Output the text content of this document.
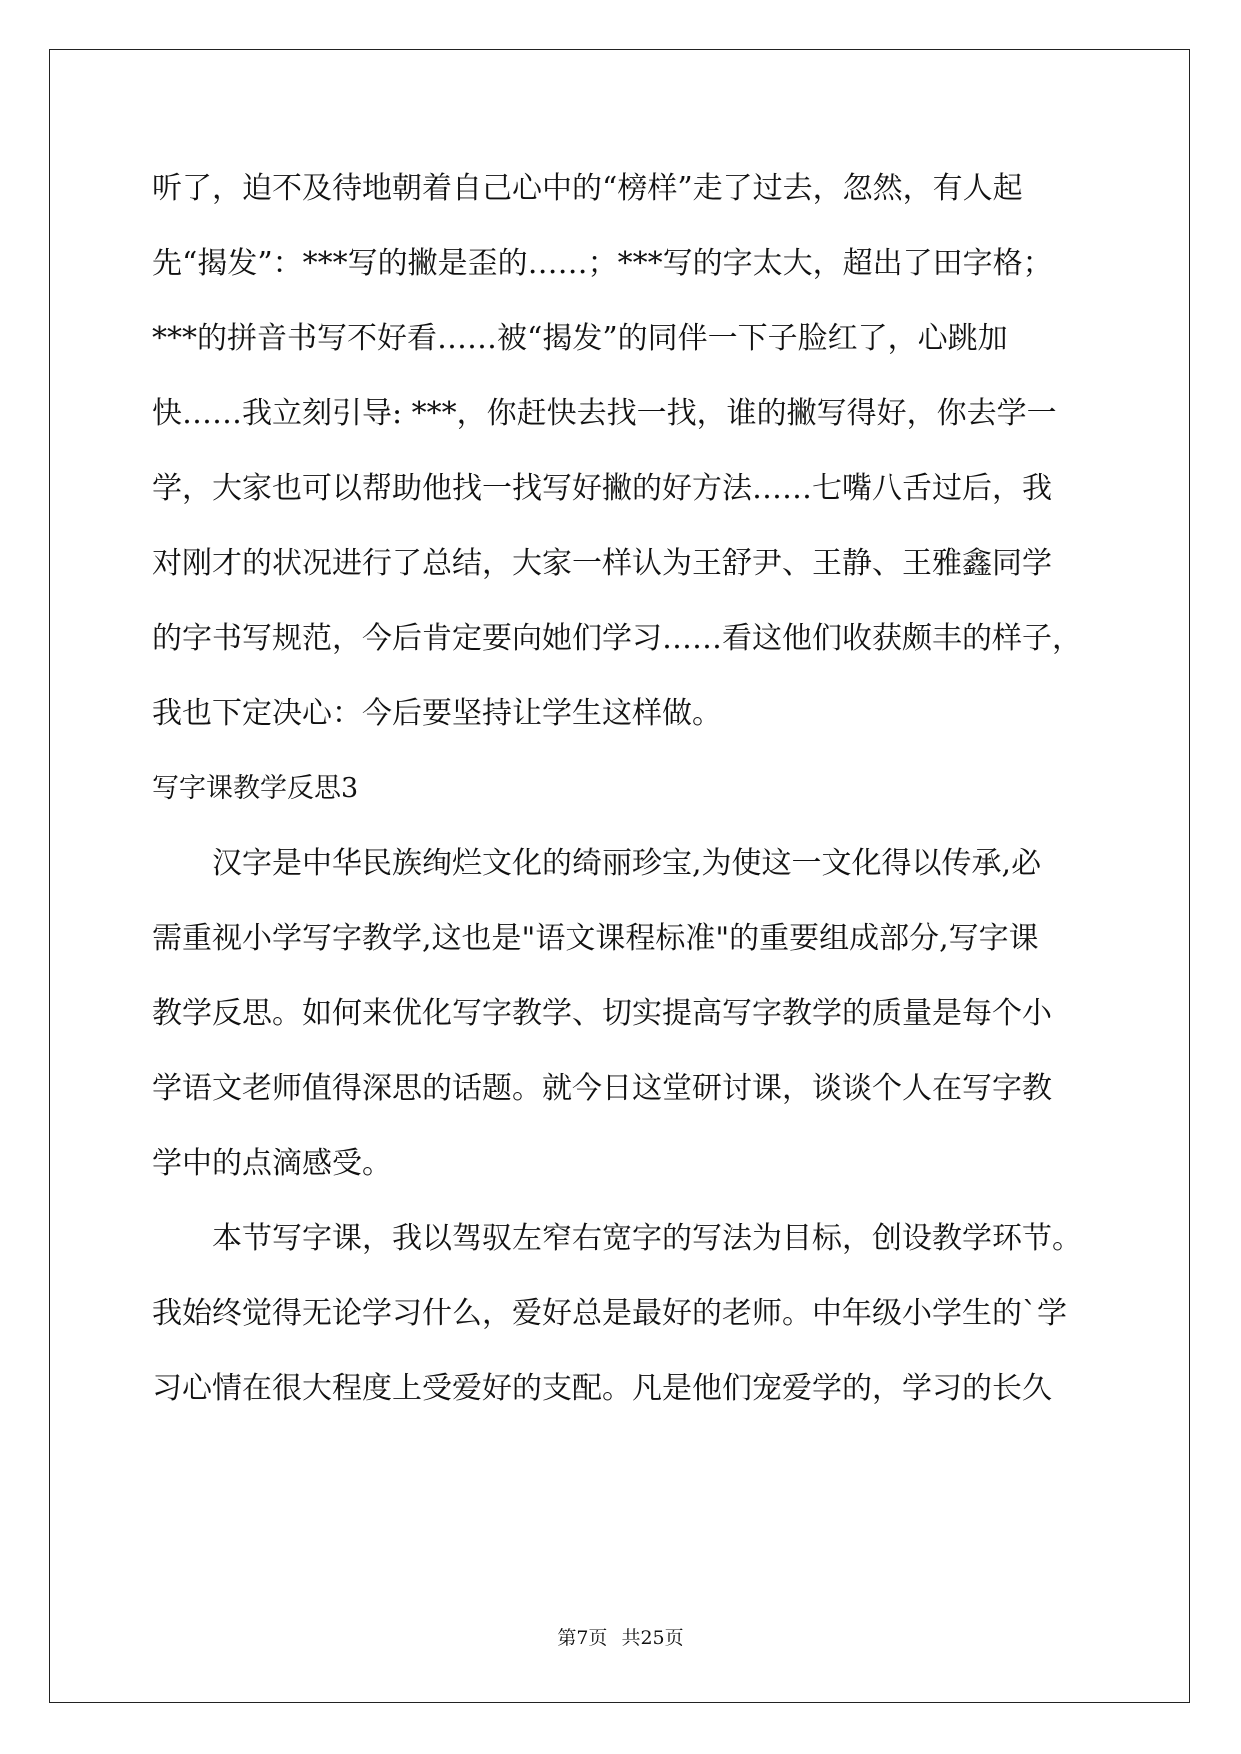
听了，迫不及待地朝着自己心中的“榜样”走了过去，忽然，有人起

先“揭发”：***写的撇是歪的……；***写的字太大，超出了田字格；

***的拼音书写不好看……被“揭发”的同伴一下子脸红了，心跳加

快……我立刻引导: ***，你赶快去找一找，谁的撇写得好，你去学一

学，大家也可以帮助他找一找写好撇的好方法……七嘴八舌过后，我

对刚才的状况进行了总结，大家一样认为王舒尹、王静、王雅鑫同学

的字书写规范，今后肯定要向她们学习……看这他们收获颇丰的样子，

我也下定决心：今后要坚持让学生这样做。

写字课教学反思3

汉字是中华民族绚烂文化的绮丽珍宝,为使这一文化得以传承,必

需重视小学写字教学,这也是"语文课程标准"的重要组成部分,写字课

教学反思。如何来优化写字教学、切实提高写字教学的质量是每个小

学语文老师值得深思的话题。就今日这堂研讨课，谈谈个人在写字教

学中的点滴感受。

本节写字课，我以驾驭左窄右宽字的写法为目标，创设教学环节。

我始终觉得无论学习什么，爱好总是最好的老师。中年级小学生的`学

习心情在很大程度上受爱好的支配。凡是他们宠爱学的，学习的长久

第7页 共25页
